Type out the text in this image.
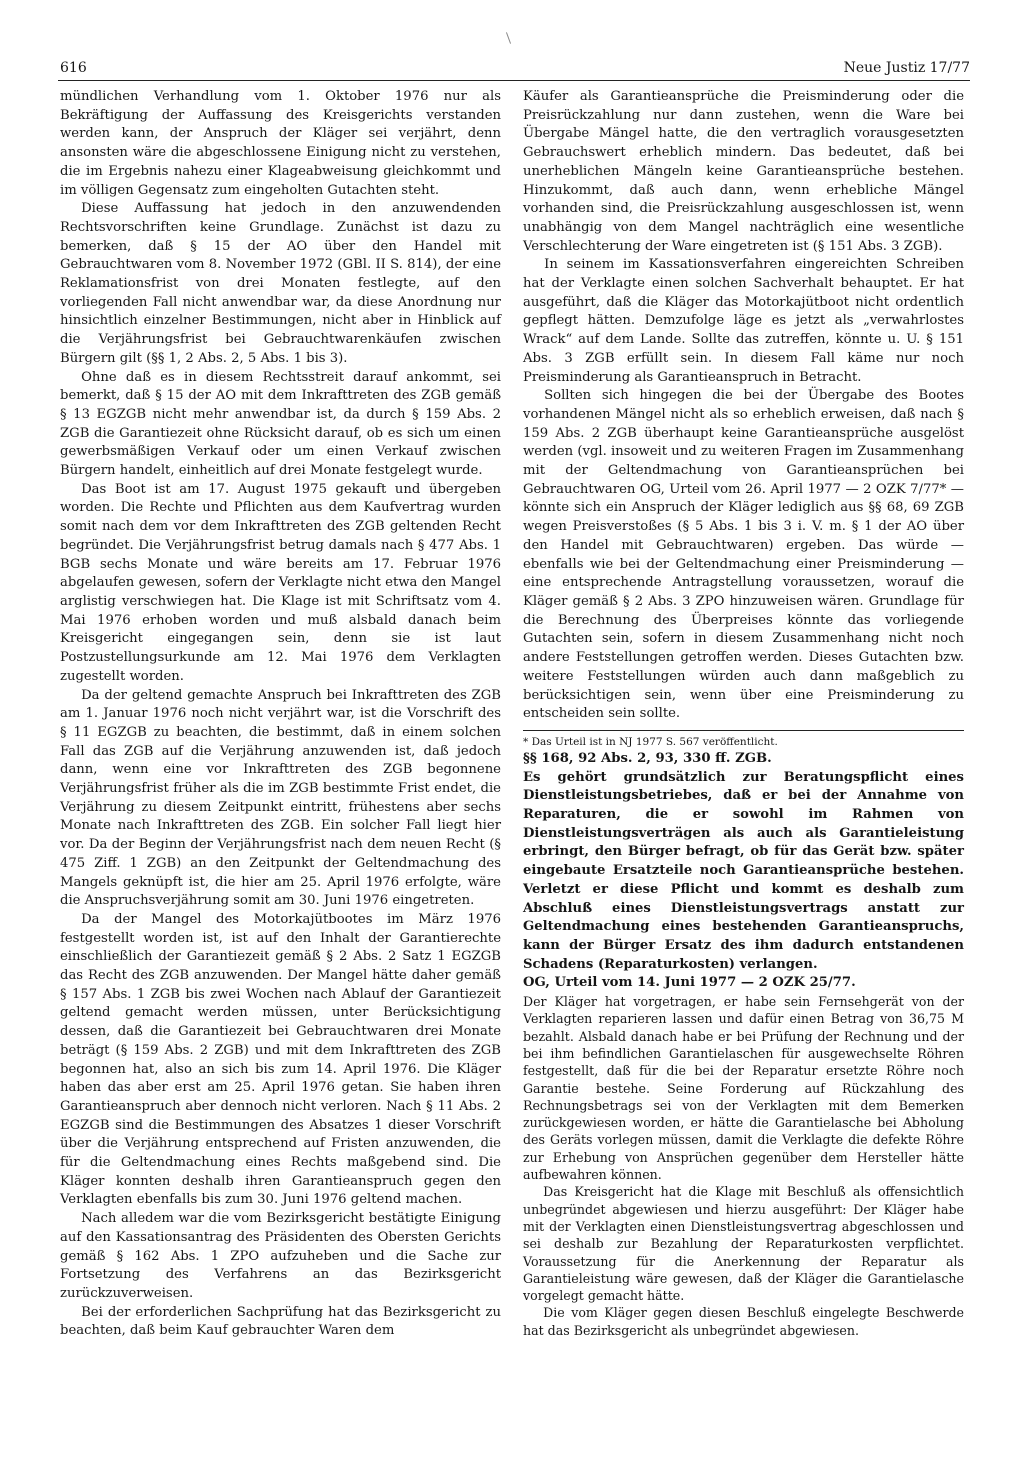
616	Neue Justiz 17/77

mündlichen Verhandlung vom 1. Oktober 1976 nur als Bekräftigung der Auffassung des Kreisgerichts verstanden werden kann, der Anspruch der Kläger sei verjährt, denn ansonsten wäre die abgeschlossene Einigung nicht zu verstehen, die im Ergebnis nahezu einer Klageabweisung gleichkommt und im völligen Gegensatz zum eingeholten Gutachten steht.

Diese Auffassung hat jedoch in den anzuwendenden Rechtsvorschriften keine Grundlage. Zunächst ist dazu zu bemerken, daß § 15 der AO über den Handel mit Gebrauchtwaren vom 8. November 1972 (GBl. II S. 814), der eine Reklamationsfrist von drei Monaten festlegte, auf den vorliegenden Fall nicht anwendbar war, da diese Anordnung nur hinsichtlich einzelner Bestimmungen, nicht aber in Hinblick auf die Verjährungsfrist bei Gebrauchtwarenkäufen zwischen Bürgern gilt (§§ 1, 2 Abs. 2, 5 Abs. 1 bis 3).

Ohne daß es in diesem Rechtsstreit darauf ankommt, sei bemerkt, daß § 15 der AO mit dem Inkrafttreten des ZGB gemäß § 13 EGZGB nicht mehr anwendbar ist, da durch § 159 Abs. 2 ZGB die Garantiezeit ohne Rücksicht darauf, ob es sich um einen gewerbsmäßigen Verkauf oder um einen Verkauf zwischen Bürgern handelt, einheitlich auf drei Monate festgelegt wurde.

Das Boot ist am 17. August 1975 gekauft und übergeben worden. Die Rechte und Pflichten aus dem Kaufvertrag wurden somit nach dem vor dem Inkrafttreten des ZGB geltenden Recht begründet. Die Verjährungsfrist betrug damals nach § 477 Abs. 1 BGB sechs Monate und wäre bereits am 17. Februar 1976 abgelaufen gewesen, sofern der Verklagte nicht etwa den Mangel arglistig verschwiegen hat. Die Klage ist mit Schriftsatz vom 4. Mai 1976 erhoben worden und muß alsbald danach beim Kreisgericht eingegangen sein, denn sie ist laut Postzustellungsurkunde am 12. Mai 1976 dem Verklagten zugestellt worden.

Da der geltend gemachte Anspruch bei Inkrafttreten des ZGB am 1. Januar 1976 noch nicht verjährt war, ist die Vorschrift des § 11 EGZGB zu beachten, die bestimmt, daß in einem solchen Fall das ZGB auf die Verjährung anzuwenden ist, daß jedoch dann, wenn eine vor Inkrafttreten des ZGB begonnene Verjährungsfrist früher als die im ZGB bestimmte Frist endet, die Verjährung zu diesem Zeitpunkt eintritt, frühestens aber sechs Monate nach Inkrafttreten des ZGB. Ein solcher Fall liegt hier vor. Da der Beginn der Verjährungsfrist nach dem neuen Recht (§ 475 Ziff. 1 ZGB) an den Zeitpunkt der Geltendmachung des Mangels geknüpft ist, die hier am 25. April 1976 erfolgte, wäre die Anspruchsverjährung somit am 30. Juni 1976 eingetreten.

Da der Mangel des Motorkajütbootes im März 1976 festgestellt worden ist, ist auf den Inhalt der Garantierechte einschließlich der Garantiezeit gemäß § 2 Abs. 2 Satz 1 EGZGB das Recht des ZGB anzuwenden. Der Mangel hätte daher gemäß § 157 Abs. 1 ZGB bis zwei Wochen nach Ablauf der Garantiezeit geltend gemacht werden müssen, unter Berücksichtigung dessen, daß die Garantiezeit bei Gebrauchtwaren drei Monate beträgt (§ 159 Abs. 2 ZGB) und mit dem Inkrafttreten des ZGB begonnen hat, also an sich bis zum 14. April 1976. Die Kläger haben das aber erst am 25. April 1976 getan. Sie haben ihren Garantieanspruch aber dennoch nicht verloren. Nach § 11 Abs. 2 EGZGB sind die Bestimmungen des Absatzes 1 dieser Vorschrift über die Verjährung entsprechend auf Fristen anzuwenden, die für die Geltendmachung eines Rechts maßgebend sind. Die Kläger konnten deshalb ihren Garantieanspruch gegen den Verklagten ebenfalls bis zum 30. Juni 1976 geltend machen.

Nach alledem war die vom Bezirksgericht bestätigte Einigung auf den Kassationsantrag des Präsidenten des Obersten Gerichts gemäß § 162 Abs. 1 ZPO aufzuheben und die Sache zur Fortsetzung des Verfahrens an das Bezirksgericht zurückzuverweisen.

Bei der erforderlichen Sachprüfung hat das Bezirksgericht zu beachten, daß beim Kauf gebrauchter Waren dem

Käufer als Garantieansprüche die Preisminderung oder die Preisrückzahlung nur dann zustehen, wenn die Ware bei Übergabe Mängel hatte, die den vertraglich vorausgesetzten Gebrauchswert erheblich mindern. Das bedeutet, daß bei unerheblichen Mängeln keine Garantieansprüche bestehen. Hinzukommt, daß auch dann, wenn erhebliche Mängel vorhanden sind, die Preisrückzahlung ausgeschlossen ist, wenn unabhängig von dem Mangel nachträglich eine wesentliche Verschlechterung der Ware eingetreten ist (§ 151 Abs. 3 ZGB).

In seinem im Kassationsverfahren eingereichten Schreiben hat der Verklagte einen solchen Sachverhalt behauptet. Er hat ausgeführt, daß die Kläger das Motorkajütboot nicht ordentlich gepflegt hätten. Demzufolge läge es jetzt als „verwahrlostes Wrack“ auf dem Lande. Sollte das zutreffen, könnte u. U. § 151 Abs. 3 ZGB erfüllt sein. In diesem Fall käme nur noch Preisminderung als Garantieanspruch in Betracht.

Sollten sich hingegen die bei der Übergabe des Bootes vorhandenen Mängel nicht als so erheblich erweisen, daß nach § 159 Abs. 2 ZGB überhaupt keine Garantieansprüche ausgelöst werden (vgl. insoweit und zu weiteren Fragen im Zusammenhang mit der Geltendmachung von Garantieansprüchen bei Gebrauchtwaren OG, Urteil vom 26. April 1977 — 2 OZK 7/77* — könnte sich ein Anspruch der Kläger lediglich aus §§ 68, 69 ZGB wegen Preisverstoßes (§ 5 Abs. 1 bis 3 i. V. m. § 1 der AO über den Handel mit Gebrauchtwaren) ergeben. Das würde — ebenfalls wie bei der Geltendmachung einer Preisminderung — eine entsprechende Antragstellung voraussetzen, worauf die Kläger gemäß § 2 Abs. 3 ZPO hinzuweisen wären. Grundlage für die Berechnung des Überpreises könnte das vorliegende Gutachten sein, sofern in diesem Zusammenhang nicht noch andere Feststellungen getroffen werden. Dieses Gutachten bzw. weitere Feststellungen würden auch dann maßgeblich zu berücksichtigen sein, wenn über eine Preisminderung zu entscheiden sein sollte.

* Das Urteil ist in NJ 1977 S. 567 veröffentlicht.

§§ 168, 92 Abs. 2, 93, 330 ff. ZGB.

Es gehört grundsätzlich zur Beratungspflicht eines Dienstleistungsbetriebes, daß er bei der Annahme von Reparaturen, die er sowohl im Rahmen von Dienstleistungsverträgen als auch als Garantieleistung erbringt, den Bürger befragt, ob für das Gerät bzw. später eingebaute Ersatzteile noch Garantieansprüche bestehen. Verletzt er diese Pflicht und kommt es deshalb zum Abschluß eines Dienstleistungsvertrags anstatt zur Geltendmachung eines bestehenden Garantieanspruchs, kann der Bürger Ersatz des ihm dadurch entstandenen Schadens (Reparaturkosten) verlangen.

OG, Urteil vom 14. Juni 1977 — 2 OZK 25/77.

Der Kläger hat vorgetragen, er habe sein Fernsehgerät von der Verklagten reparieren lassen und dafür einen Betrag von 36,75 M bezahlt. Alsbald danach habe er bei Prüfung der Rechnung und der bei ihm befindlichen Garantielaschen für ausgewechselte Röhren festgestellt, daß für die bei der Reparatur ersetzte Röhre noch Garantie bestehe. Seine Forderung auf Rückzahlung des Rechnungsbetrags sei von der Verklagten mit dem Bemerken zurückgewiesen worden, er hätte die Garantielasche bei Abholung des Geräts vorlegen müssen, damit die Verklagte die defekte Röhre zur Erhebung von Ansprüchen gegenüber dem Hersteller hätte aufbewahren können.

Das Kreisgericht hat die Klage mit Beschluß als offensichtlich unbegründet abgewiesen und hierzu ausgeführt: Der Kläger habe mit der Verklagten einen Dienstleistungsvertrag abgeschlossen und sei deshalb zur Bezahlung der Reparaturkosten verpflichtet. Voraussetzung für die Anerkennung der Reparatur als Garantieleistung wäre gewesen, daß der Kläger die Garantielasche vorgelegt gemacht hätte.

Die vom Kläger gegen diesen Beschluß eingelegte Beschwerde hat das Bezirksgericht als unbegründet abgewiesen.
